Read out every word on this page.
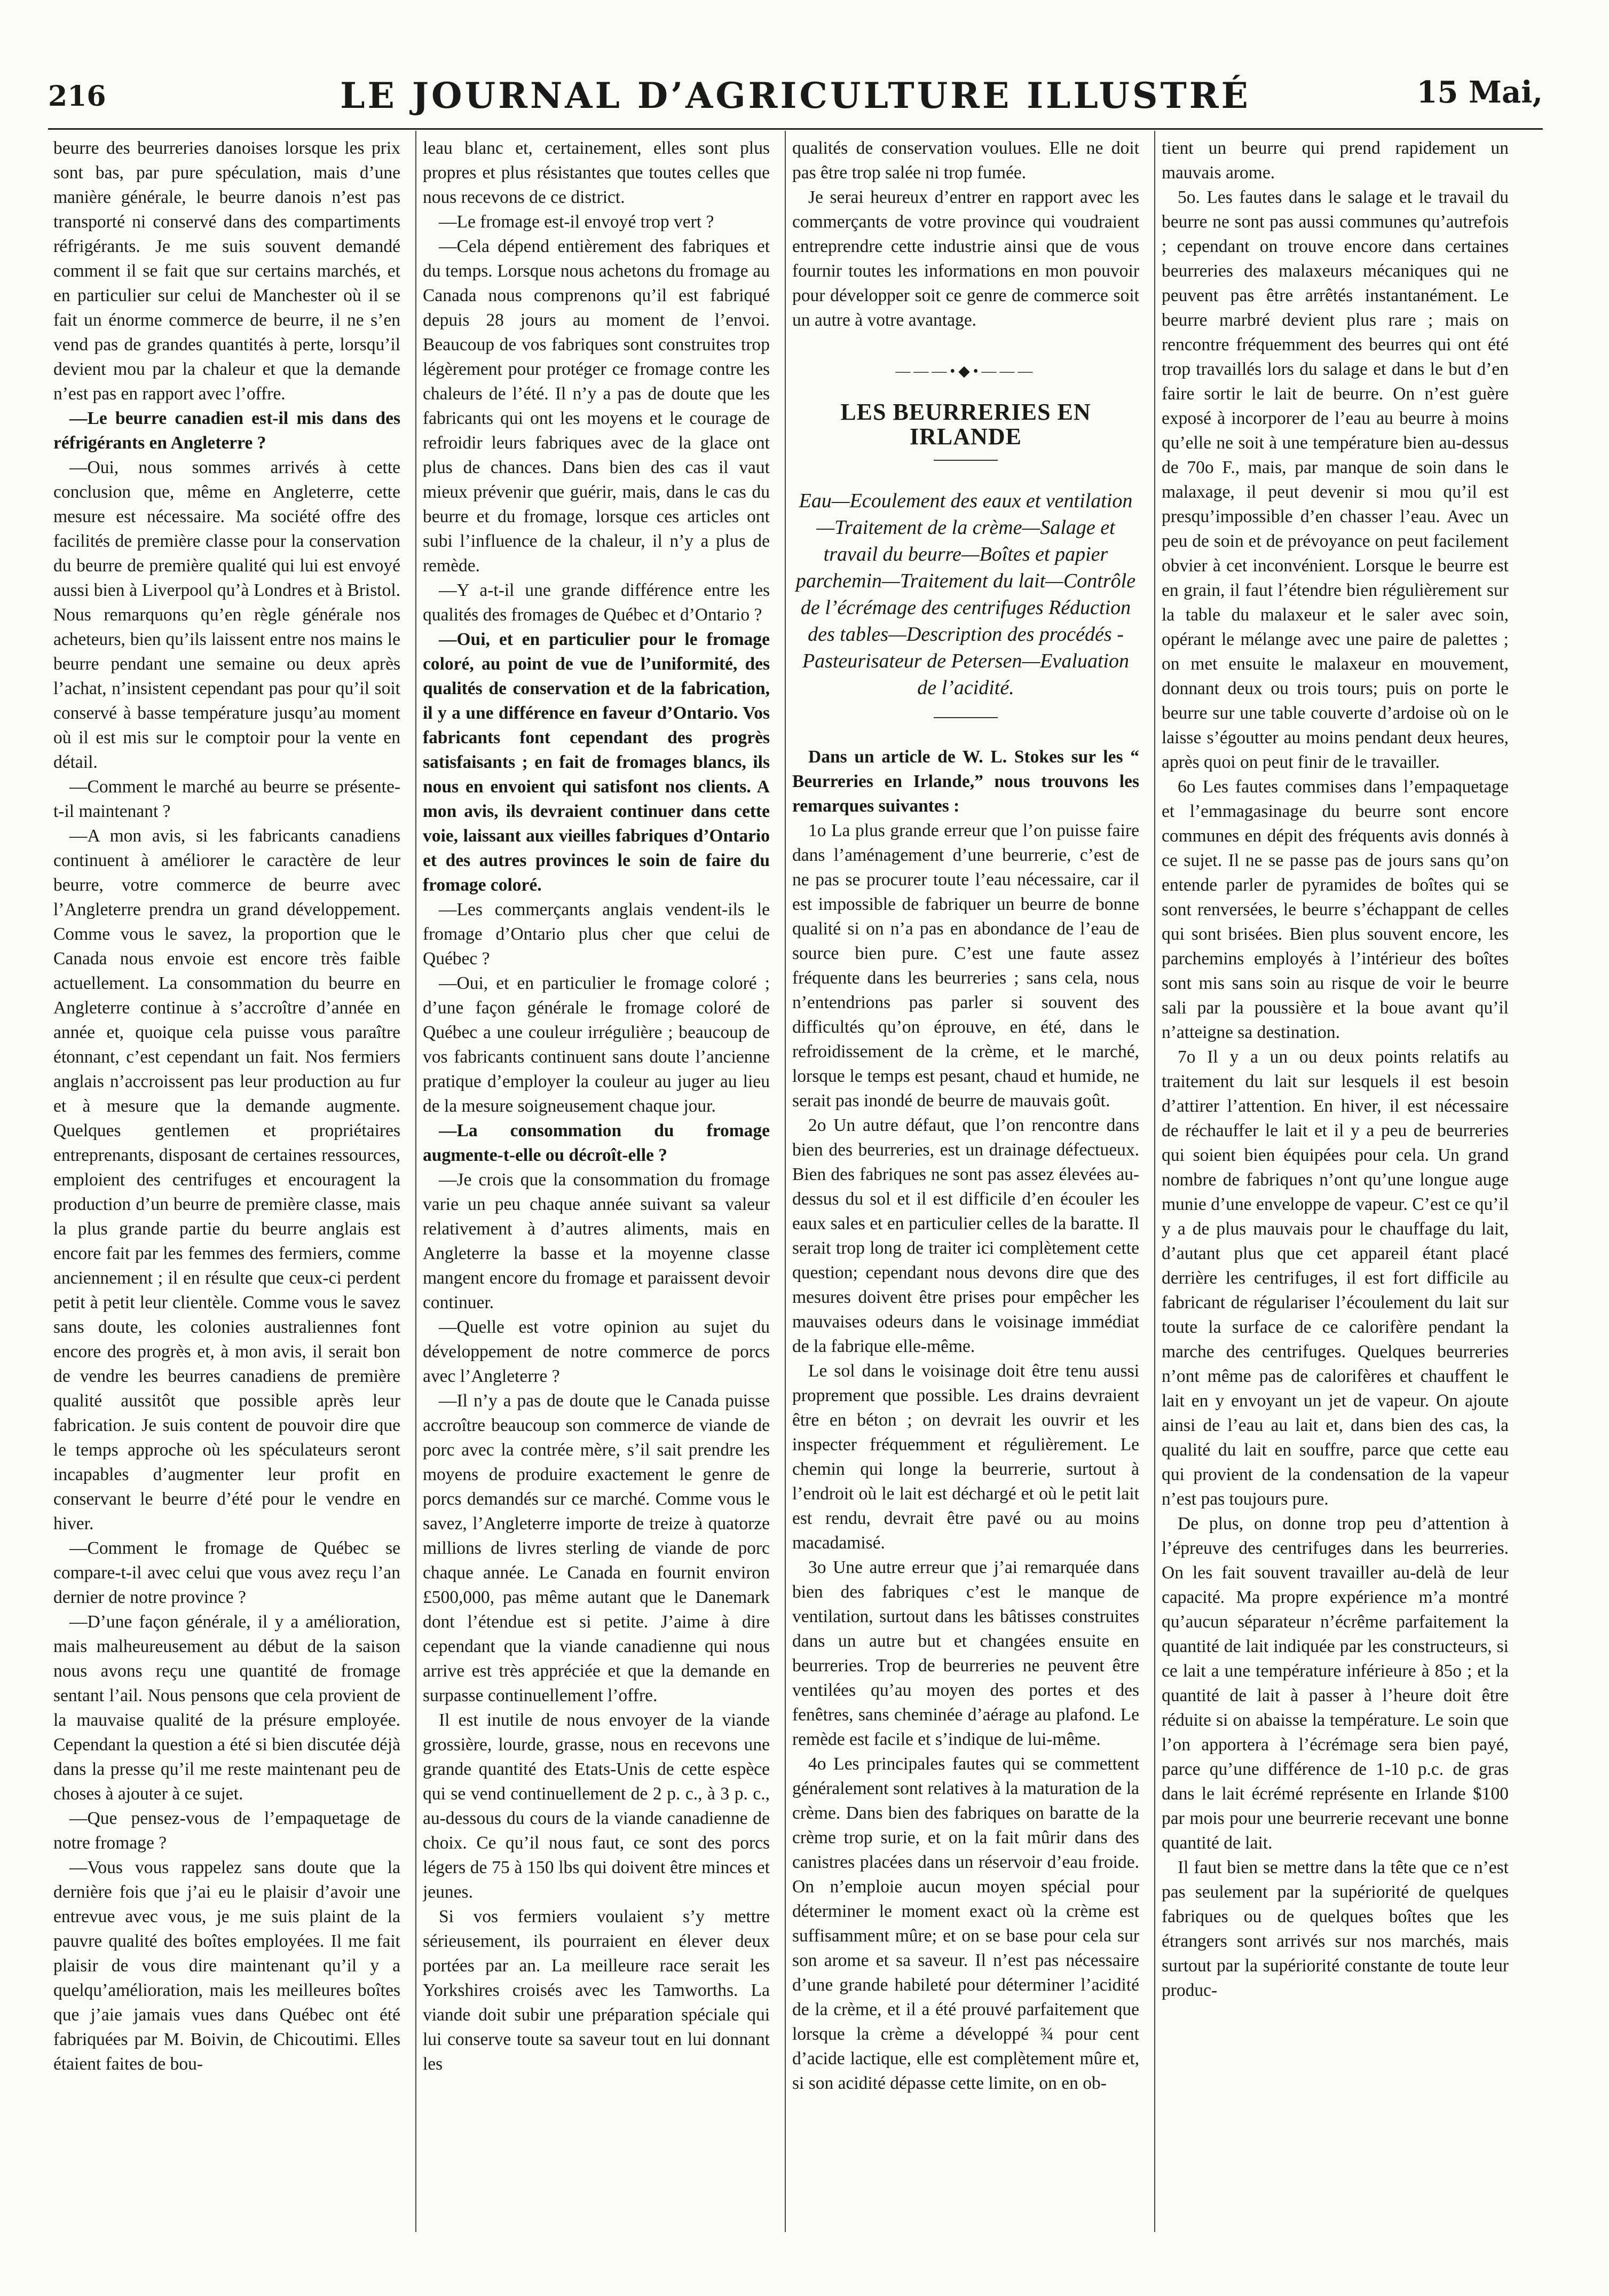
216	LE JOURNAL D’AGRICULTURE ILLUSTRÉ	15 Mai,

beurre des beurreries danoises lorsque les prix sont bas, par pure spéculation, mais d’une manière générale, le beurre danois n’est pas transporté ni conservé dans des compartiments réfrigérants. Je me suis souvent demandé comment il se fait que sur certains marchés, et en particulier sur celui de Manchester où il se fait un énorme commerce de beurre, il ne s’en vend pas de grandes quantités à perte, lorsqu’il devient mou par la chaleur et que la demande n’est pas en rapport avec l’offre.

—Le beurre canadien est-il mis dans des réfrigérants en Angleterre ?

—Oui, nous sommes arrivés à cette conclusion que, même en Angleterre, cette mesure est nécessaire. Ma société offre des facilités de première classe pour la conservation du beurre de première qualité qui lui est envoyé aussi bien à Liverpool qu’à Londres et à Bristol. Nous remarquons qu’en règle générale nos acheteurs, bien qu’ils laissent entre nos mains le beurre pendant une semaine ou deux après l’achat, n’insistent cependant pas pour qu’il soit conservé à basse température jusqu’au moment où il est mis sur le comptoir pour la vente en détail.

—Comment le marché au beurre se présente-t-il maintenant ?

—A mon avis, si les fabricants canadiens continuent à améliorer le caractère de leur beurre, votre commerce de beurre avec l’Angleterre prendra un grand développement. Comme vous le savez, la proportion que le Canada nous envoie est encore très faible actuellement. La consommation du beurre en Angleterre continue à s’accroître d’année en année et, quoique cela puisse vous paraître étonnant, c’est cependant un fait. Nos fermiers anglais n’accroissent pas leur production au fur et à mesure que la demande augmente. Quelques gentlemen et propriétaires entreprenants, disposant de certaines ressources, emploient des centrifuges et encouragent la production d’un beurre de première classe, mais la plus grande partie du beurre anglais est encore fait par les femmes des fermiers, comme anciennement ; il en résulte que ceux-ci perdent petit à petit leur clientèle. Comme vous le savez sans doute, les colonies australiennes font encore des progrès et, à mon avis, il serait bon de vendre les beurres canadiens de première qualité aussitôt que possible après leur fabrication. Je suis content de pouvoir dire que le temps approche où les spéculateurs seront incapables d’augmenter leur profit en conservant le beurre d’été pour le vendre en hiver.

—Comment le fromage de Québec se compare-t-il avec celui que vous avez reçu l’an dernier de notre province ?

—D’une façon générale, il y a amélioration, mais malheureusement au début de la saison nous avons reçu une quantité de fromage sentant l’ail. Nous pensons que cela provient de la mauvaise qualité de la présure employée. Cependant la question a été si bien discutée déjà dans la presse qu’il me reste maintenant peu de choses à ajouter à ce sujet.

—Que pensez-vous de l’empaquetage de notre fromage ?

—Vous vous rappelez sans doute que la dernière fois que j’ai eu le plaisir d’avoir une entrevue avec vous, je me suis plaint de la pauvre qualité des boîtes employées. Il me fait plaisir de vous dire maintenant qu’il y a quelqu’amélioration, mais les meilleures boîtes que j’aie jamais vues dans Québec ont été fabriquées par M. Boivin, de Chicoutimi. Elles étaient faites de bou-

leau blanc et, certainement, elles sont plus propres et plus résistantes que toutes celles que nous recevons de ce district.

—Le fromage est-il envoyé trop vert ?

—Cela dépend entièrement des fabriques et du temps. Lorsque nous achetons du fromage au Canada nous comprenons qu’il est fabriqué depuis 28 jours au moment de l’envoi. Beaucoup de vos fabriques sont construites trop légèrement pour protéger ce fromage contre les chaleurs de l’été. Il n’y a pas de doute que les fabricants qui ont les moyens et le courage de refroidir leurs fabriques avec de la glace ont plus de chances. Dans bien des cas il vaut mieux prévenir que guérir, mais, dans le cas du beurre et du fromage, lorsque ces articles ont subi l’influence de la chaleur, il n’y a plus de remède.

—Y a-t-il une grande différence entre les qualités des fromages de Québec et d’Ontario ?

—Oui, et en particulier pour le fromage coloré, au point de vue de l’uniformité, des qualités de conservation et de la fabrication, il y a une différence en faveur d’Ontario. Vos fabricants font cependant des progrès satisfaisants ; en fait de fromages blancs, ils nous en envoient qui satisfont nos clients. A mon avis, ils devraient continuer dans cette voie, laissant aux vieilles fabriques d’Ontario et des autres provinces le soin de faire du fromage coloré.

—Les commerçants anglais vendent-ils le fromage d’Ontario plus cher que celui de Québec ?

—Oui, et en particulier le fromage coloré ; d’une façon générale le fromage coloré de Québec a une couleur irrégulière ; beaucoup de vos fabricants continuent sans doute l’ancienne pratique d’employer la couleur au juger au lieu de la mesure soigneusement chaque jour.

—La consommation du fromage augmente-t-elle ou décroît-elle ?

—Je crois que la consommation du fromage varie un peu chaque année suivant sa valeur relativement à d’autres aliments, mais en Angleterre la basse et la moyenne classe mangent encore du fromage et paraissent devoir continuer.

—Quelle est votre opinion au sujet du développement de notre commerce de porcs avec l’Angleterre ?

—Il n’y a pas de doute que le Canada puisse accroître beaucoup son commerce de viande de porc avec la contrée mère, s’il sait prendre les moyens de produire exactement le genre de porcs demandés sur ce marché. Comme vous le savez, l’Angleterre importe de treize à quatorze millions de livres sterling de viande de porc chaque année. Le Canada en fournit environ £500,000, pas même autant que le Danemark dont l’étendue est si petite. J’aime à dire cependant que la viande canadienne qui nous arrive est très appréciée et que la demande en surpasse continuellement l’offre.

Il est inutile de nous envoyer de la viande grossière, lourde, grasse, nous en recevons une grande quantité des Etats-Unis de cette espèce qui se vend continuellement de 2 p. c., à 3 p. c., au-dessous du cours de la viande canadienne de choix. Ce qu’il nous faut, ce sont des porcs légers de 75 à 150 lbs qui doivent être minces et jeunes.

Si vos fermiers voulaient s’y mettre sérieusement, ils pourraient en élever deux portées par an. La meilleure race serait les Yorkshires croisés avec les Tamworths. La viande doit subir une préparation spéciale qui lui conserve toute sa saveur tout en lui donnant les

qualités de conservation voulues. Elle ne doit pas être trop salée ni trop fumée.

Je serai heureux d’entrer en rapport avec les commerçants de votre province qui voudraient entreprendre cette industrie ainsi que de vous fournir toutes les informations en mon pouvoir pour développer soit ce genre de commerce soit un autre à votre avantage.

———•◆•———
LES BEURRERIES EN IRLANDE
Eau—Ecoulement des eaux et ventilation—Traitement de la crème—Salage et travail du beurre—Boîtes et papier parchemin—Traitement du lait—Contrôle de l’écrémage des centrifuges Réduction des tables—Description des procédés - Pasteurisateur de Petersen—Evaluation de l’acidité.

Dans un article de W. L. Stokes sur les “ Beurreries en Irlande,” nous trouvons les remarques suivantes :

1o La plus grande erreur que l’on puisse faire dans l’aménagement d’une beurrerie, c’est de ne pas se procurer toute l’eau nécessaire, car il est impossible de fabriquer un beurre de bonne qualité si on n’a pas en abondance de l’eau de source bien pure. C’est une faute assez fréquente dans les beurreries ; sans cela, nous n’entendrions pas parler si souvent des difficultés qu’on éprouve, en été, dans le refroidissement de la crème, et le marché, lorsque le temps est pesant, chaud et humide, ne serait pas inondé de beurre de mauvais goût.

2o Un autre défaut, que l’on rencontre dans bien des beurreries, est un drainage défectueux. Bien des fabriques ne sont pas assez élevées au-dessus du sol et il est difficile d’en écouler les eaux sales et en particulier celles de la baratte. Il serait trop long de traiter ici complètement cette question; cependant nous devons dire que des mesures doivent être prises pour empêcher les mauvaises odeurs dans le voisinage immédiat de la fabrique elle-même.

Le sol dans le voisinage doit être tenu aussi proprement que possible. Les drains devraient être en béton ; on devrait les ouvrir et les inspecter fréquemment et régulièrement. Le chemin qui longe la beurrerie, surtout à l’endroit où le lait est déchargé et où le petit lait est rendu, devrait être pavé ou au moins macadamisé.

3o Une autre erreur que j’ai remarquée dans bien des fabriques c’est le manque de ventilation, surtout dans les bâtisses construites dans un autre but et changées ensuite en beurreries. Trop de beurreries ne peuvent être ventilées qu’au moyen des portes et des fenêtres, sans cheminée d’aérage au plafond. Le remède est facile et s’indique de lui-même.

4o Les principales fautes qui se commettent généralement sont relatives à la maturation de la crème. Dans bien des fabriques on baratte de la crème trop surie, et on la fait mûrir dans des canistres placées dans un réservoir d’eau froide. On n’emploie aucun moyen spécial pour déterminer le moment exact où la crème est suffisamment mûre; et on se base pour cela sur son arome et sa saveur. Il n’est pas nécessaire d’une grande habileté pour déterminer l’acidité de la crème, et il a été prouvé parfaitement que lorsque la crème a développé ¾ pour cent d’acide lactique, elle est complètement mûre et, si son acidité dépasse cette limite, on en ob-

tient un beurre qui prend rapidement un mauvais arome.

5o. Les fautes dans le salage et le travail du beurre ne sont pas aussi communes qu’autrefois ; cependant on trouve encore dans certaines beurreries des malaxeurs mécaniques qui ne peuvent pas être arrêtés instantanément. Le beurre marbré devient plus rare ; mais on rencontre fréquemment des beurres qui ont été trop travaillés lors du salage et dans le but d’en faire sortir le lait de beurre. On n’est guère exposé à incorporer de l’eau au beurre à moins qu’elle ne soit à une température bien au-dessus de 70o F., mais, par manque de soin dans le malaxage, il peut devenir si mou qu’il est presqu’impossible d’en chasser l’eau. Avec un peu de soin et de prévoyance on peut facilement obvier à cet inconvénient. Lorsque le beurre est en grain, il faut l’étendre bien régulièrement sur la table du malaxeur et le saler avec soin, opérant le mélange avec une paire de palettes ; on met ensuite le malaxeur en mouvement, donnant deux ou trois tours; puis on porte le beurre sur une table couverte d’ardoise où on le laisse s’égoutter au moins pendant deux heures, après quoi on peut finir de le travailler.

6o Les fautes commises dans l’empaquetage et l’emmagasinage du beurre sont encore communes en dépit des fréquents avis donnés à ce sujet. Il ne se passe pas de jours sans qu’on entende parler de pyramides de boîtes qui se sont renversées, le beurre s’échappant de celles qui sont brisées. Bien plus souvent encore, les parchemins employés à l’intérieur des boîtes sont mis sans soin au risque de voir le beurre sali par la poussière et la boue avant qu’il n’atteigne sa destination.

7o Il y a un ou deux points relatifs au traitement du lait sur lesquels il est besoin d’attirer l’attention. En hiver, il est nécessaire de réchauffer le lait et il y a peu de beurreries qui soient bien équipées pour cela. Un grand nombre de fabriques n’ont qu’une longue auge munie d’une enveloppe de vapeur. C’est ce qu’il y a de plus mauvais pour le chauffage du lait, d’autant plus que cet appareil étant placé derrière les centrifuges, il est fort difficile au fabricant de régulariser l’écoulement du lait sur toute la surface de ce calorifère pendant la marche des centrifuges. Quelques beurreries n’ont même pas de calorifères et chauffent le lait en y envoyant un jet de vapeur. On ajoute ainsi de l’eau au lait et, dans bien des cas, la qualité du lait en souffre, parce que cette eau qui provient de la condensation de la vapeur n’est pas toujours pure.

De plus, on donne trop peu d’attention à l’épreuve des centrifuges dans les beurreries. On les fait souvent travailler au-delà de leur capacité. Ma propre expérience m’a montré qu’aucun séparateur n’écrême parfaitement la quantité de lait indiquée par les constructeurs, si ce lait a une température inférieure à 85o ; et la quantité de lait à passer à l’heure doit être réduite si on abaisse la température. Le soin que l’on apportera à l’écrémage sera bien payé, parce qu’une différence de 1-10 p.c. de gras dans le lait écrémé représente en Irlande $100 par mois pour une beurrerie recevant une bonne quantité de lait.

Il faut bien se mettre dans la tête que ce n’est pas seulement par la supériorité de quelques fabriques ou de quelques boîtes que les étrangers sont arrivés sur nos marchés, mais surtout par la supériorité constante de toute leur produc-
